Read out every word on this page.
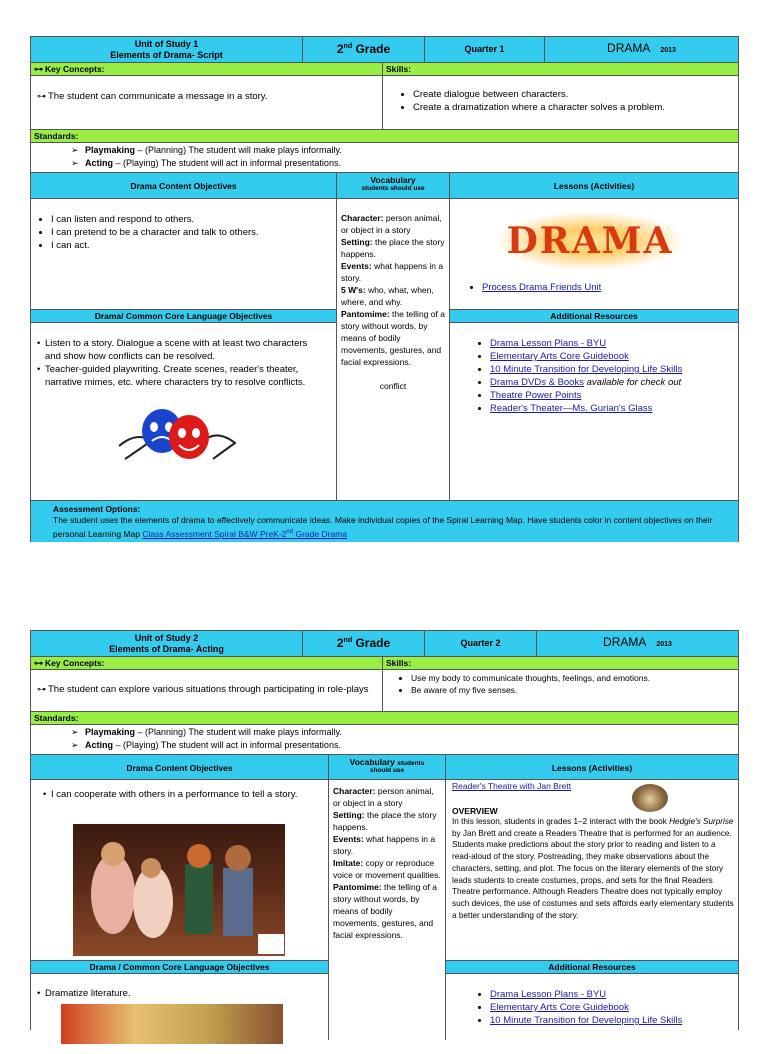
Unit of Study 1
Elements of Drama- Script	2nd Grade	Quarter 1	DRAMA 2013
⊶ Key Concepts:	Skills:
⊶ The student can communicate a message in a story.
•	Create dialogue between characters.
• Create a dramatization where a character solves a problem.
Standards:
➢ Playmaking – (Planning) The student will make plays informally.
➢ Acting – (Playing) The student will act in informal presentations.
Drama Content Objectives
Vocabulary
students should use	Lessons (Activities)
• I can listen and respond to others.
• I can pretend to be a character and talk to others.
• I can act.
Drama/ Common Core Language Objectives
• Listen to a story. Dialogue a scene with at least two characters and show how conflicts can be resolved.
• Teacher-guided playwriting. Create scenes, reader's theater, narrative mimes, etc. where characters try to resolve conflicts.
Character: person animal, or object in a story
Setting: the place the story happens.
Events: what happens in a story.
5 W's: who, what, when, where, and why.
Pantomime: the telling of a story without words, by means of bodily movements, gestures, and facial expressions.
conflict
DRAMA
• Process Drama Friends Unit
Additional Resources
• Drama Lesson Plans - BYU
• Elementary Arts Core Guidebook
• 10 Minute Transition for Developing Life Skills
• Drama DVDs & Books available for check out
• Theatre Power Points
• Reader's Theater—Ms. Gurian's Glass
Assessment Options:
The student uses the elements of drama to effectively communicate ideas. Make individual copies of the Spiral Learning Map. Have students color in content objectives on their personal Learning Map Class Assessment Spiral B&W PreK-2nd Grade Drama
Unit of Study 2
Elements of Drama- Acting	2nd Grade	Quarter 2	DRAMA 2013
⊶ Key Concepts:	Skills:
⊶ The student can explore various situations through participating in role-plays
• Use my body to communicate thoughts, feelings, and emotions.
• Be aware of my five senses.
Standards:
➢ Playmaking – (Planning) The student will make plays informally.
➢ Acting – (Playing) The student will act in informal presentations.
Drama Content Objectives
Vocabulary students
should use	Lessons (Activities)
• I can cooperate with others in a performance to tell a story.
Drama / Common Core Language Objectives
• Dramatize literature.
Character: person animal, or object in a story
Setting: the place the story happens.
Events: what happens in a story.
Imitate: copy or reproduce voice or movement qualities.
Pantomime: the telling of a story without words, by means of bodily movements, gestures, and facial expressions.
Reader's Theatre with Jan Brett
OVERVIEW
In this lesson, students in grades 1–2 interact with the book Hedgie's Surprise by Jan Brett and create a Readers Theatre that is performed for an audience. Students make predictions about the story prior to reading and listen to a read-aloud of the story. Postreading, they make observations about the characters, setting, and plot. The focus on the literary elements of the story leads students to create costumes, props, and sets for the final Readers Theatre performance. Although Readers Theatre does not typically employ such devices, the use of costumes and sets affords early elementary students a better understanding of the story.
Additional Resources
• Drama Lesson Plans - BYU
• Elementary Arts Core Guidebook
• 10 Minute Transition for Developing Life Skills
